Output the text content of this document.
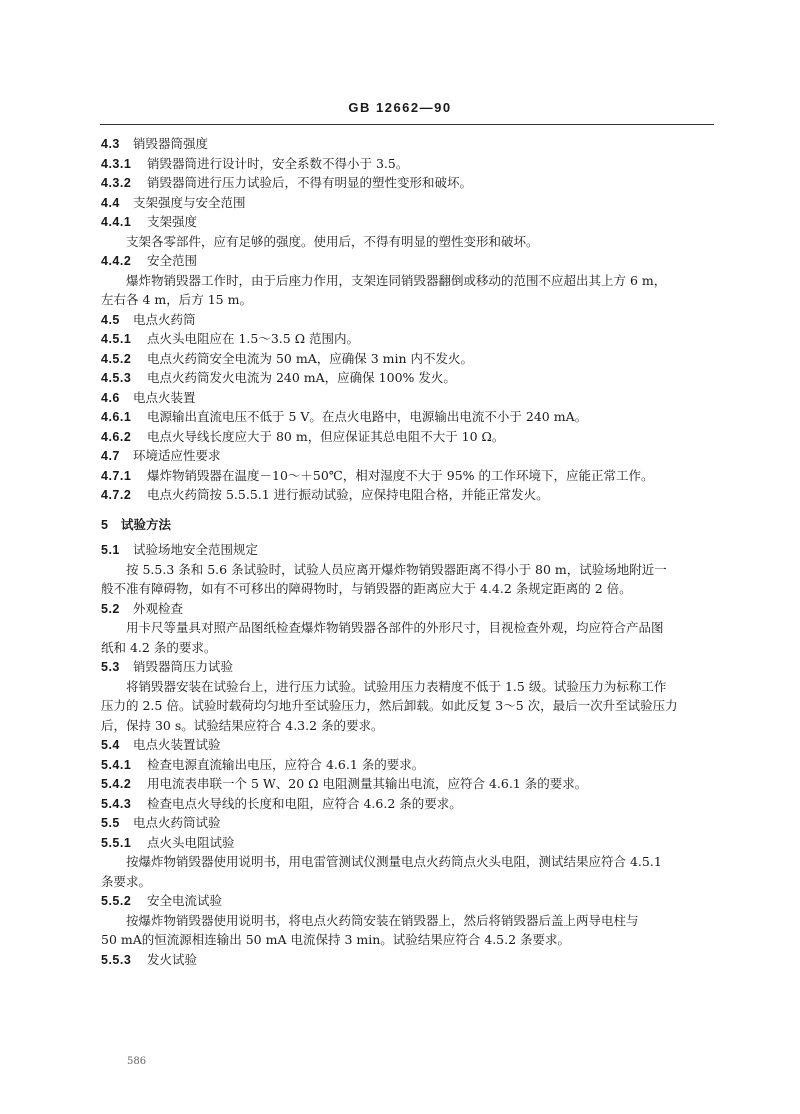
GB 12662—90
4.3 销毁器筒强度
4.3.1 销毁器筒进行设计时，安全系数不得小于 3.5。
4.3.2 销毁器筒进行压力试验后，不得有明显的塑性变形和破坏。
4.4 支架强度与安全范围
4.4.1 支架强度
支架各零部件，应有足够的强度。使用后，不得有明显的塑性变形和破坏。
4.4.2 安全范围
爆炸物销毁器工作时，由于后座力作用，支架连同销毁器翻倒或移动的范围不应超出其上方 6 m，
左右各 4 m，后方 15 m。
4.5 电点火药筒
4.5.1 点火头电阻应在 1.5～3.5 Ω 范围内。
4.5.2 电点火药筒安全电流为 50 mA，应确保 3 min 内不发火。
4.5.3 电点火药筒发火电流为 240 mA，应确保 100% 发火。
4.6 电点火装置
4.6.1 电源输出直流电压不低于 5 V。在点火电路中，电源输出电流不小于 240 mA。
4.6.2 电点火导线长度应大于 80 m，但应保证其总电阻不大于 10 Ω。
4.7 环境适应性要求
4.7.1 爆炸物销毁器在温度－10～＋50℃，相对湿度不大于 95% 的工作环境下，应能正常工作。
4.7.2 电点火药筒按 5.5.5.1 进行振动试验，应保持电阻合格，并能正常发火。
5 试验方法
5.1 试验场地安全范围规定
按 5.5.3 条和 5.6 条试验时，试验人员应离开爆炸物销毁器距离不得小于 80 m，试验场地附近一
般不准有障碍物，如有不可移出的障碍物时，与销毁器的距离应大于 4.4.2 条规定距离的 2 倍。
5.2 外观检查
用卡尺等量具对照产品图纸检查爆炸物销毁器各部件的外形尺寸，目视检查外观，均应符合产品图
纸和 4.2 条的要求。
5.3 销毁器筒压力试验
将销毁器安装在试验台上，进行压力试验。试验用压力表精度不低于 1.5 级。试验压力为标称工作
压力的 2.5 倍。试验时载荷均匀地升至试验压力，然后卸载。如此反复 3～5 次，最后一次升至试验压力
后，保持 30 s。试验结果应符合 4.3.2 条的要求。
5.4 电点火装置试验
5.4.1 检查电源直流输出电压，应符合 4.6.1 条的要求。
5.4.2 用电流表串联一个 5 W、20 Ω 电阻测量其输出电流，应符合 4.6.1 条的要求。
5.4.3 检查电点火导线的长度和电阻，应符合 4.6.2 条的要求。
5.5 电点火药筒试验
5.5.1 点火头电阻试验
按爆炸物销毁器使用说明书，用电雷管测试仪测量电点火药筒点火头电阻，测试结果应符合 4.5.1
条要求。
5.5.2 安全电流试验
按爆炸物销毁器使用说明书，将电点火药筒安装在销毁器上，然后将销毁器后盖上两导电柱与
50 mA的恒流源相连输出 50 mA 电流保持 3 min。试验结果应符合 4.5.2 条要求。
5.5.3 发火试验
586
